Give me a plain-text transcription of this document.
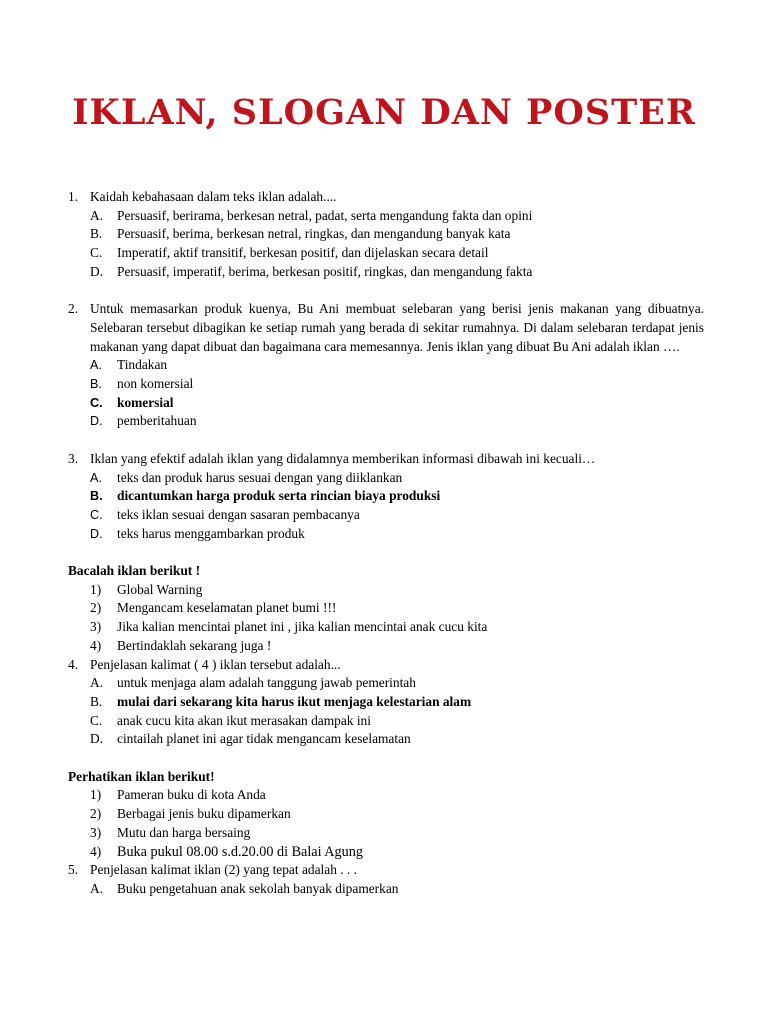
IKLAN, SLOGAN DAN POSTER
1. Kaidah kebahasaan dalam teks iklan adalah....
A. Persuasif, berirama, berkesan netral, padat, serta mengandung fakta dan opini
B. Persuasif, berima, berkesan netral, ringkas, dan mengandung banyak kata
C. Imperatif, aktif transitif, berkesan positif, dan dijelaskan secara detail
D. Persuasif, imperatif, berima, berkesan positif, ringkas, dan mengandung fakta
2. Untuk memasarkan produk kuenya, Bu Ani membuat selebaran yang berisi jenis makanan yang dibuatnya. Selebaran tersebut dibagikan ke setiap rumah yang berada di sekitar rumahnya. Di dalam selebaran terdapat jenis makanan yang dapat dibuat dan bagaimana cara memesannya. Jenis iklan yang dibuat Bu Ani adalah iklan ….
A. Tindakan
B. non komersial
C. komersial
D. pemberitahuan
3. Iklan yang efektif adalah iklan yang didalamnya memberikan informasi dibawah ini kecuali…
A. teks dan produk harus sesuai dengan yang diiklankan
B. dicantumkan harga produk serta rincian biaya produksi
C. teks iklan sesuai dengan sasaran pembacanya
D. teks harus menggambarkan produk
Bacalah iklan berikut !
1) Global Warning
2) Mengancam keselamatan planet bumi !!!
3) Jika kalian mencintai planet ini , jika kalian mencintai anak cucu kita
4) Bertindaklah sekarang juga !
4. Penjelasan kalimat ( 4 ) iklan tersebut adalah...
A. untuk menjaga alam adalah tanggung jawab pemerintah
B. mulai dari sekarang kita harus ikut menjaga kelestarian alam
C. anak cucu kita akan ikut merasakan dampak ini
D. cintailah planet ini agar tidak mengancam keselamatan
Perhatikan iklan berikut!
1) Pameran buku di kota Anda
2) Berbagai jenis buku dipamerkan
3) Mutu dan harga bersaing
4) Buka pukul 08.00 s.d.20.00 di Balai Agung
5. Penjelasan kalimat iklan (2) yang tepat adalah . . .
A. Buku pengetahuan anak sekolah banyak dipamerkan
